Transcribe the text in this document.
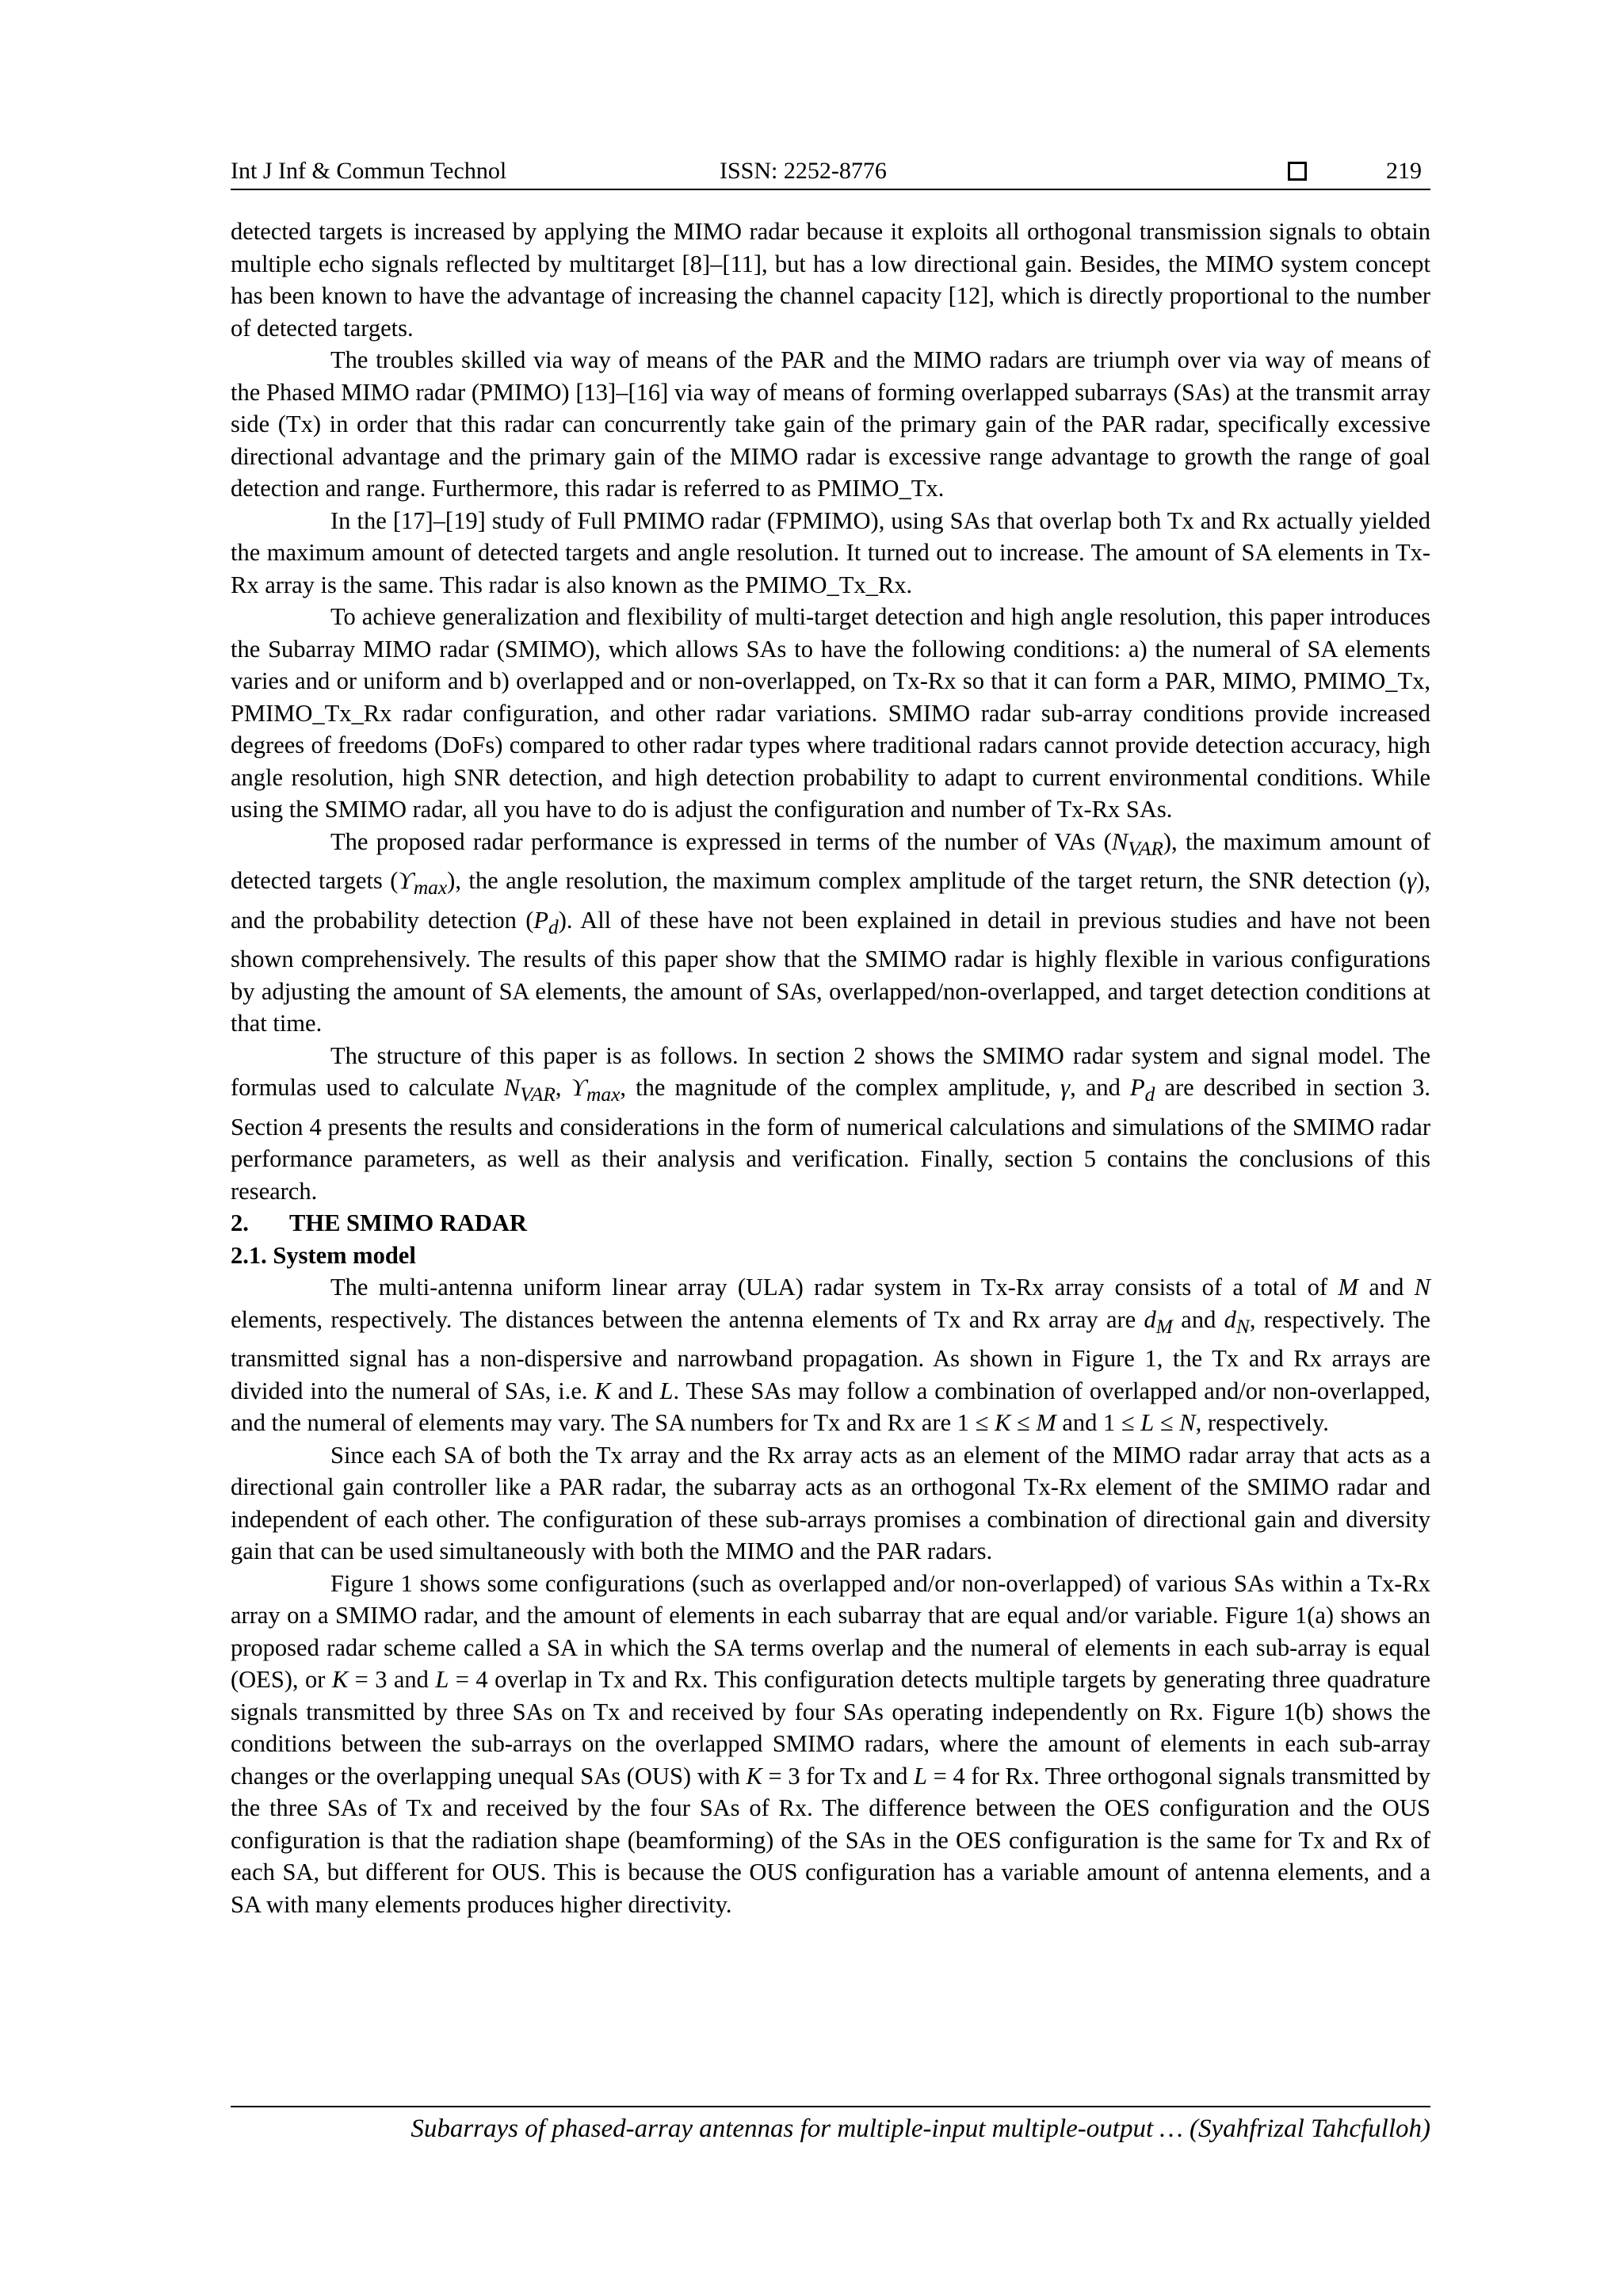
Int J Inf & Commun Technol	ISSN: 2252-8776	219

detected targets is increased by applying the MIMO radar because it exploits all orthogonal transmission signals to obtain multiple echo signals reflected by multitarget [8]–[11], but has a low directional gain. Besides, the MIMO system concept has been known to have the advantage of increasing the channel capacity [12], which is directly proportional to the number of detected targets.

The troubles skilled via way of means of the PAR and the MIMO radars are triumph over via way of means of the Phased MIMO radar (PMIMO) [13]–[16] via way of means of forming overlapped subarrays (SAs) at the transmit array side (Tx) in order that this radar can concurrently take gain of the primary gain of the PAR radar, specifically excessive directional advantage and the primary gain of the MIMO radar is excessive range advantage to growth the range of goal detection and range. Furthermore, this radar is referred to as PMIMO_Tx.

In the [17]–[19] study of Full PMIMO radar (FPMIMO), using SAs that overlap both Tx and Rx actually yielded the maximum amount of detected targets and angle resolution. It turned out to increase. The amount of SA elements in Tx-Rx array is the same. This radar is also known as the PMIMO_Tx_Rx.

To achieve generalization and flexibility of multi-target detection and high angle resolution, this paper introduces the Subarray MIMO radar (SMIMO), which allows SAs to have the following conditions: a) the numeral of SA elements varies and or uniform and b) overlapped and or non-overlapped, on Tx-Rx so that it can form a PAR, MIMO, PMIMO_Tx, PMIMO_Tx_Rx radar configuration, and other radar variations. SMIMO radar sub-array conditions provide increased degrees of freedoms (DoFs) compared to other radar types where traditional radars cannot provide detection accuracy, high angle resolution, high SNR detection, and high detection probability to adapt to current environmental conditions. While using the SMIMO radar, all you have to do is adjust the configuration and number of Tx-Rx SAs.

The proposed radar performance is expressed in terms of the number of VAs $(N_{VAR})$, the maximum amount of detected targets $(ϒ_{max})$, the angle resolution, the maximum complex amplitude of the target return, the SNR detection (γ), and the probability detection $(P_d)$. All of these have not been explained in detail in previous studies and have not been shown comprehensively. The results of this paper show that the SMIMO radar is highly flexible in various configurations by adjusting the amount of SA elements, the amount of SAs, overlapped/non-overlapped, and target detection conditions at that time.

The structure of this paper is as follows. In section 2 shows the SMIMO radar system and signal model. The formulas used to calculate $N_{VAR}$, $ϒ_{max}$, the magnitude of the complex amplitude, γ, and $P_d$ are described in section 3. Section 4 presents the results and considerations in the form of numerical calculations and simulations of the SMIMO radar performance parameters, as well as their analysis and verification. Finally, section 5 contains the conclusions of this research.

2. THE SMIMO RADAR

2.1. System model

The multi-antenna uniform linear array (ULA) radar system in Tx-Rx array consists of a total of M and N elements, respectively. The distances between the antenna elements of Tx and Rx array are $d_M$ and $d_N$, respectively. The transmitted signal has a non-dispersive and narrowband propagation. As shown in Figure 1, the Tx and Rx arrays are divided into the numeral of SAs, i.e. K and L. These SAs may follow a combination of overlapped and/or non-overlapped, and the numeral of elements may vary. The SA numbers for Tx and Rx are 1 ≤ K ≤ M and 1 ≤ L ≤ N, respectively.

Since each SA of both the Tx array and the Rx array acts as an element of the MIMO radar array that acts as a directional gain controller like a PAR radar, the subarray acts as an orthogonal Tx-Rx element of the SMIMO radar and independent of each other. The configuration of these sub-arrays promises a combination of directional gain and diversity gain that can be used simultaneously with both the MIMO and the PAR radars.

Figure 1 shows some configurations (such as overlapped and/or non-overlapped) of various SAs within a Tx-Rx array on a SMIMO radar, and the amount of elements in each subarray that are equal and/or variable. Figure 1(a) shows an proposed radar scheme called a SA in which the SA terms overlap and the numeral of elements in each sub-array is equal (OES), or K = 3 and L = 4 overlap in Tx and Rx. This configuration detects multiple targets by generating three quadrature signals transmitted by three SAs on Tx and received by four SAs operating independently on Rx. Figure 1(b) shows the conditions between the sub-arrays on the overlapped SMIMO radars, where the amount of elements in each sub-array changes or the overlapping unequal SAs (OUS) with K = 3 for Tx and L = 4 for Rx. Three orthogonal signals transmitted by the three SAs of Tx and received by the four SAs of Rx. The difference between the OES configuration and the OUS configuration is that the radiation shape (beamforming) of the SAs in the OES configuration is the same for Tx and Rx of each SA, but different for OUS. This is because the OUS configuration has a variable amount of antenna elements, and a SA with many elements produces higher directivity.

Subarrays of phased-array antennas for multiple-input multiple-output … (Syahfrizal Tahcfulloh)
